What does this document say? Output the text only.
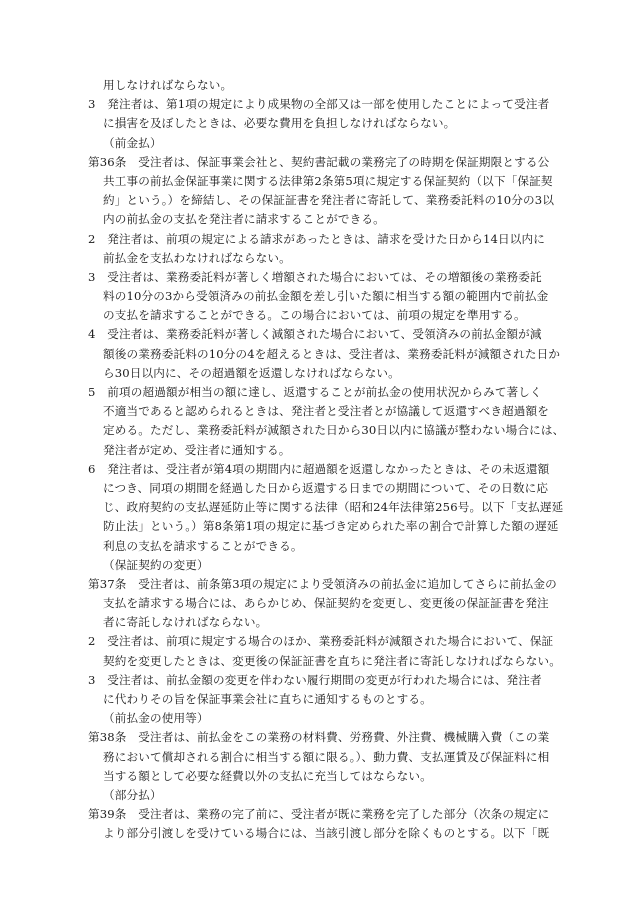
用しなければならない。
3　発注者は、第1項の規定により成果物の全部又は一部を使用したことによって受注者
に損害を及ぼしたときは、必要な費用を負担しなければならない。
（前金払）
第36条　受注者は、保証事業会社と、契約書記載の業務完了の時期を保証期限とする公
共工事の前払金保証事業に関する法律第2条第5項に規定する保証契約（以下「保証契
約」という。）を締結し、その保証証書を発注者に寄託して、業務委託料の10分の3以
内の前払金の支払を発注者に請求することができる。
2　発注者は、前項の規定による請求があったときは、請求を受けた日から14日以内に
前払金を支払わなければならない。
3　受注者は、業務委託料が著しく増額された場合においては、その増額後の業務委託
料の10分の3から受領済みの前払金額を差し引いた額に相当する額の範囲内で前払金
の支払を請求することができる。この場合においては、前項の規定を準用する。
4　受注者は、業務委託料が著しく減額された場合において、受領済みの前払金額が減
額後の業務委託料の10分の4を超えるときは、受注者は、業務委託料が減額された日か
ら30日以内に、その超過額を返還しなければならない。
5　前項の超過額が相当の額に達し、返還することが前払金の使用状況からみて著しく
不適当であると認められるときは、発注者と受注者とが協議して返還すべき超過額を
定める。ただし、業務委託料が減額された日から30日以内に協議が整わない場合には、
発注者が定め、受注者に通知する。
6　発注者は、受注者が第4項の期間内に超過額を返還しなかったときは、その未返還額
につき、同項の期間を経過した日から返還する日までの期間について、その日数に応
じ、政府契約の支払遅延防止等に関する法律（昭和24年法律第256号。以下「支払遅延
防止法」という。）第8条第1項の規定に基づき定められた率の割合で計算した額の遅延
利息の支払を請求することができる。
（保証契約の変更）
第37条　受注者は、前条第3項の規定により受領済みの前払金に追加してさらに前払金の
支払を請求する場合には、あらかじめ、保証契約を変更し、変更後の保証証書を発注
者に寄託しなければならない。
2　受注者は、前項に規定する場合のほか、業務委託料が減額された場合において、保証
契約を変更したときは、変更後の保証証書を直ちに発注者に寄託しなければならない。
3　受注者は、前払金額の変更を伴わない履行期間の変更が行われた場合には、発注者
に代わりその旨を保証事業会社に直ちに通知するものとする。
（前払金の使用等）
第38条　受注者は、前払金をこの業務の材料費、労務費、外注費、機械購入費（この業
務において償却される割合に相当する額に限る。）、動力費、支払運賃及び保証料に相
当する額として必要な経費以外の支払に充当してはならない。
（部分払）
第39条　受注者は、業務の完了前に、受注者が既に業務を完了した部分（次条の規定に
より部分引渡しを受けている場合には、当該引渡し部分を除くものとする。以下「既
